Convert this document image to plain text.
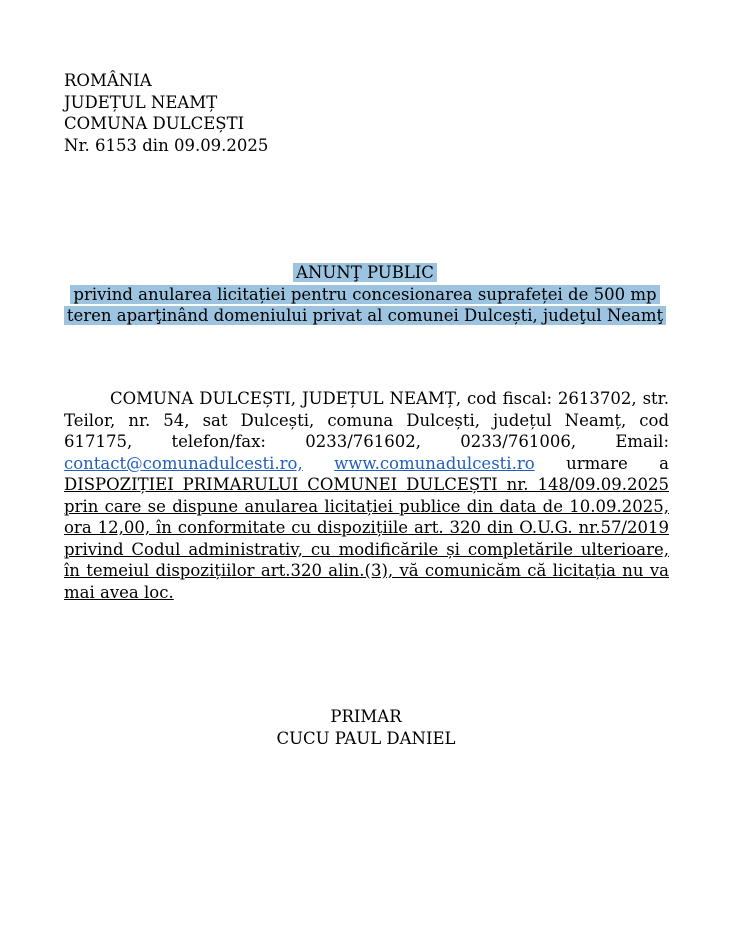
ROMÂNIA
JUDEȚUL NEAMȚ
COMUNA DULCEȘTI
Nr. 6153 din 09.09.2025
ANUNŢ PUBLIC
privind anularea licitației pentru concesionarea suprafeței de 500 mp
teren aparţinând domeniului privat al comunei Dulcești, judeţul Neamţ
COMUNA DULCEȘTI, JUDEȚUL NEAMȚ, cod fiscal: 2613702, str. Teilor, nr. 54, sat Dulcești, comuna Dulcești, județul Neamț, cod 617175, telefon/fax: 0233/761602, 0233/761006, Email: contact@comunadulcesti.ro, www.comunadulcesti.ro urmare a DISPOZIȚIEI PRIMARULUI COMUNEI DULCEȘTI nr. 148/09.09.2025 prin care se dispune anularea licitației publice din data de 10.09.2025, ora 12,00, în conformitate cu dispozițiile art. 320 din O.U.G. nr.57/2019 privind Codul administrativ, cu modificările și completările ulterioare, în temeiul dispozițiilor art.320 alin.(3), vă comunicăm că licitația nu va mai avea loc.
PRIMAR
CUCU PAUL DANIEL
